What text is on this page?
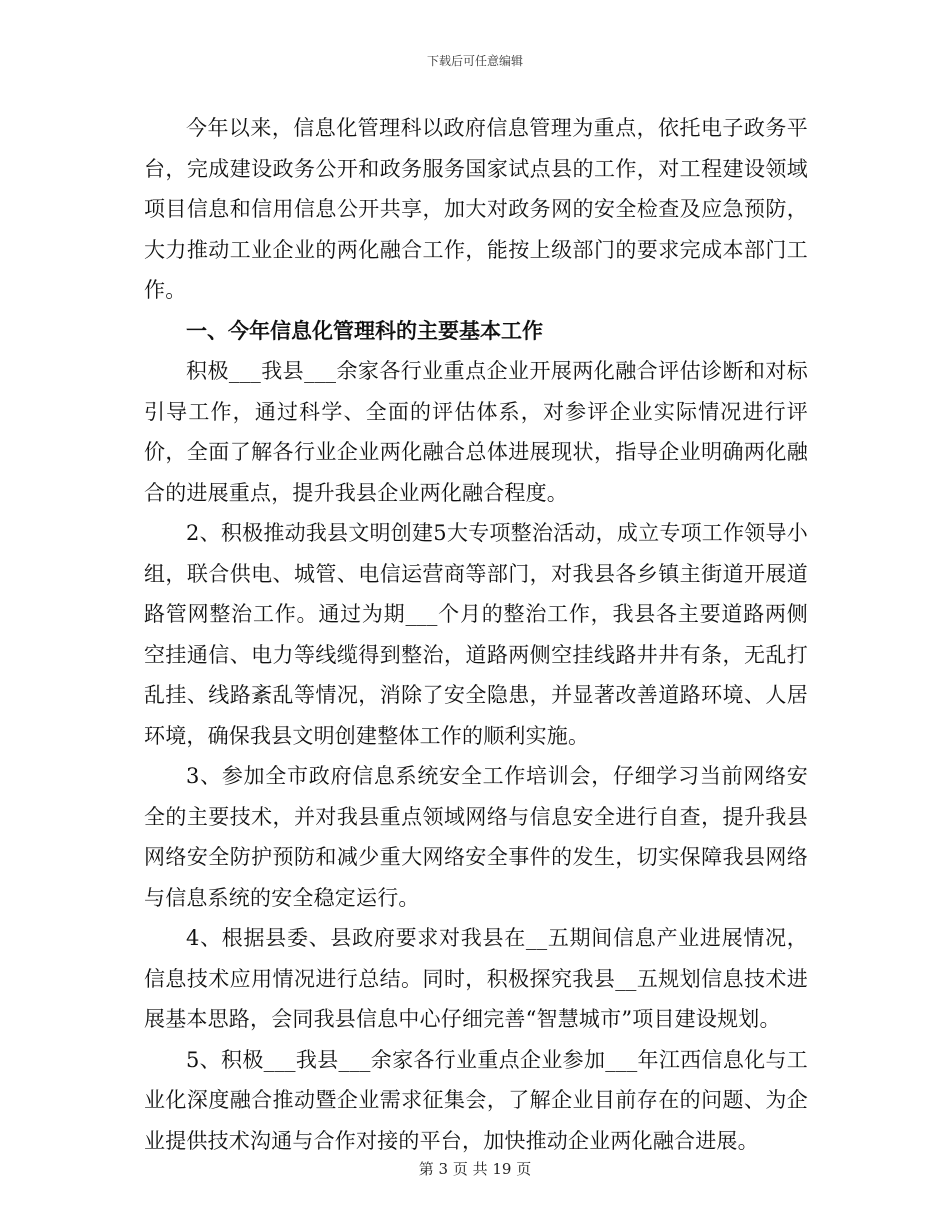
下载后可任意编辑

今年以来，信息化管理科以政府信息管理为重点，依托电子政务平台，完成建设政务公开和政务服务国家试点县的工作，对工程建设领域项目信息和信用信息公开共享，加大对政务网的安全检查及应急预防，大力推动工业企业的两化融合工作，能按上级部门的要求完成本部门工作。

一、今年信息化管理科的主要基本工作

积极___我县___余家各行业重点企业开展两化融合评估诊断和对标引导工作，通过科学、全面的评估体系，对参评企业实际情况进行评价，全面了解各行业企业两化融合总体进展现状，指导企业明确两化融合的进展重点，提升我县企业两化融合程度。

2、积极推动我县文明创建5大专项整治活动，成立专项工作领导小组，联合供电、城管、电信运营商等部门，对我县各乡镇主街道开展道路管网整治工作。通过为期___个月的整治工作，我县各主要道路两侧空挂通信、电力等线缆得到整治，道路两侧空挂线路井井有条，无乱打乱挂、线路紊乱等情况，消除了安全隐患，并显著改善道路环境、人居环境，确保我县文明创建整体工作的顺利实施。

3、参加全市政府信息系统安全工作培训会，仔细学习当前网络安全的主要技术，并对我县重点领域网络与信息安全进行自查，提升我县网络安全防护预防和减少重大网络安全事件的发生，切实保障我县网络与信息系统的安全稳定运行。

4、根据县委、县政府要求对我县在__五期间信息产业进展情况，信息技术应用情况进行总结。同时，积极探究我县__五规划信息技术进展基本思路，会同我县信息中心仔细完善“智慧城市”项目建设规划。

5、积极___我县___余家各行业重点企业参加___年江西信息化与工业化深度融合推动暨企业需求征集会，了解企业目前存在的问题、为企业提供技术沟通与合作对接的平台，加快推动企业两化融合进展。

第 3 页 共 19 页
